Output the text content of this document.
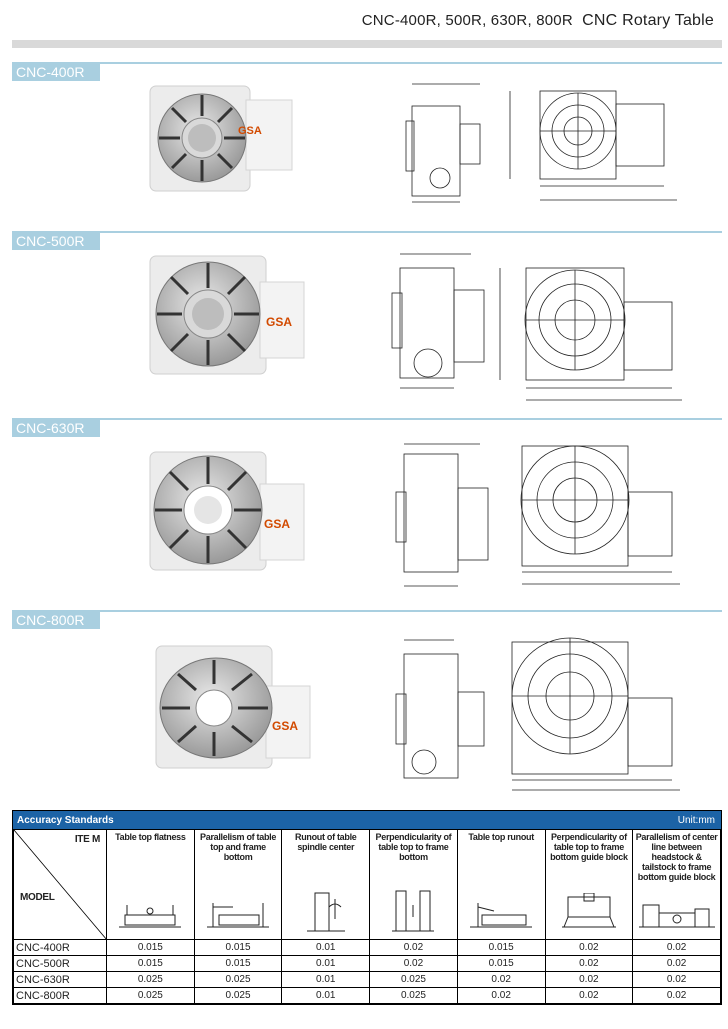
CNC-400R, 500R, 630R, 800R CNC Rotary Table
CNC-400R
CNC-500R
CNC-630R
CNC-800R
GSA
GSA
GSA
GSA
Accuracy Standards	Unit:mm
ITE M
MODEL	Table top flatness	Parallelism of table top and frame bottom	Runout of table spindle center	Perpendicularity of table top to frame bottom	Table top runout	Perpendicularity of table top to frame bottom guide block	Parallelism of center line between headstock & tailstock to frame bottom guide block

CNC-400R	0.015	0.015	0.01	0.02	0.015	0.02	0.02
CNC-500R	0.015	0.015	0.01	0.02	0.015	0.02	0.02
CNC-630R	0.025	0.025	0.01	0.025	0.02	0.02	0.02
CNC-800R	0.025	0.025	0.01	0.025	0.02	0.02	0.02
